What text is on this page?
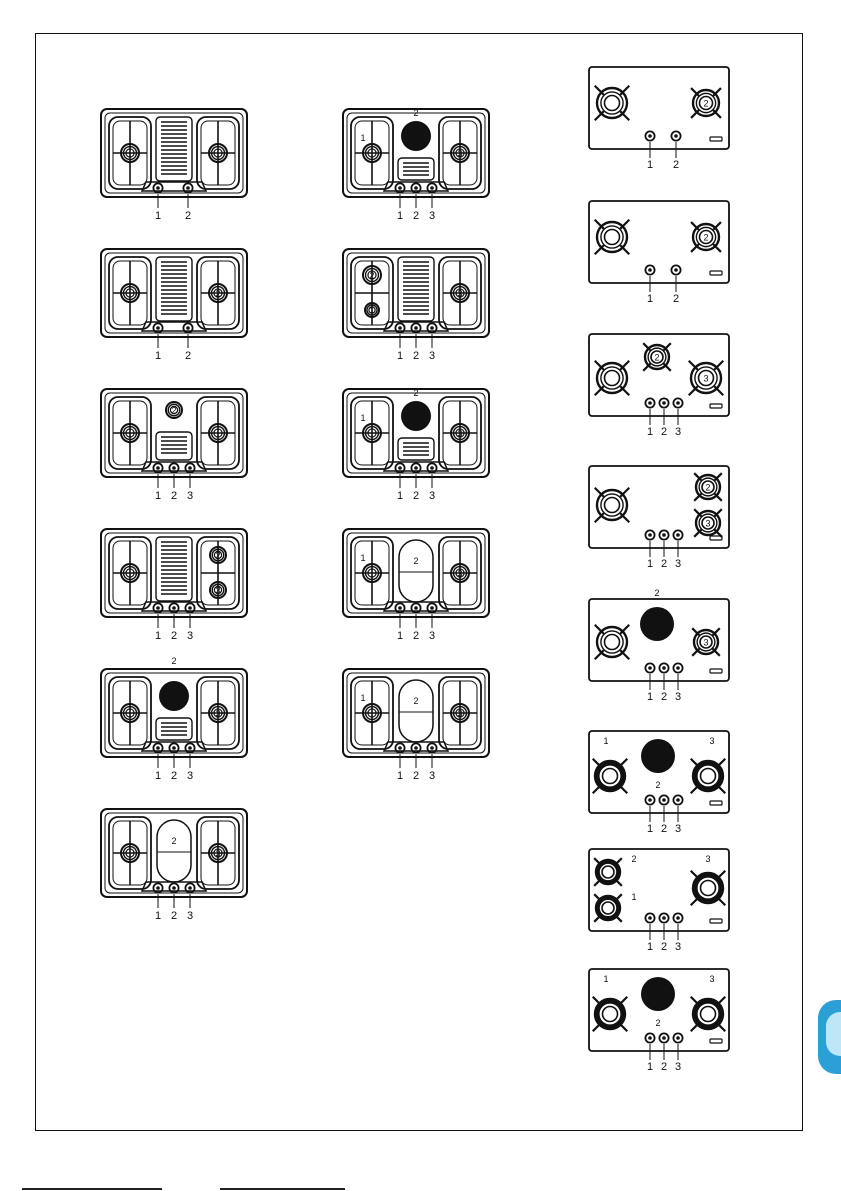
1 2
2
1 2
2
1 2 3
2
3
1 2 3
3
2
1 2 3
3
2
1 2 3
3
2
1
1 2 3
2
1
3
1 2 3
3
2
1
1 2 3
3
2
1
1 2 3
3
2
1
1 2 3
2
1 2
2
1 2
2
3
1 2 3
2
3
1 2 3
3
2
1 2 3
1
2
3
1 2 3
2
1
3
1 2 3
1
2
3
1 2 3
